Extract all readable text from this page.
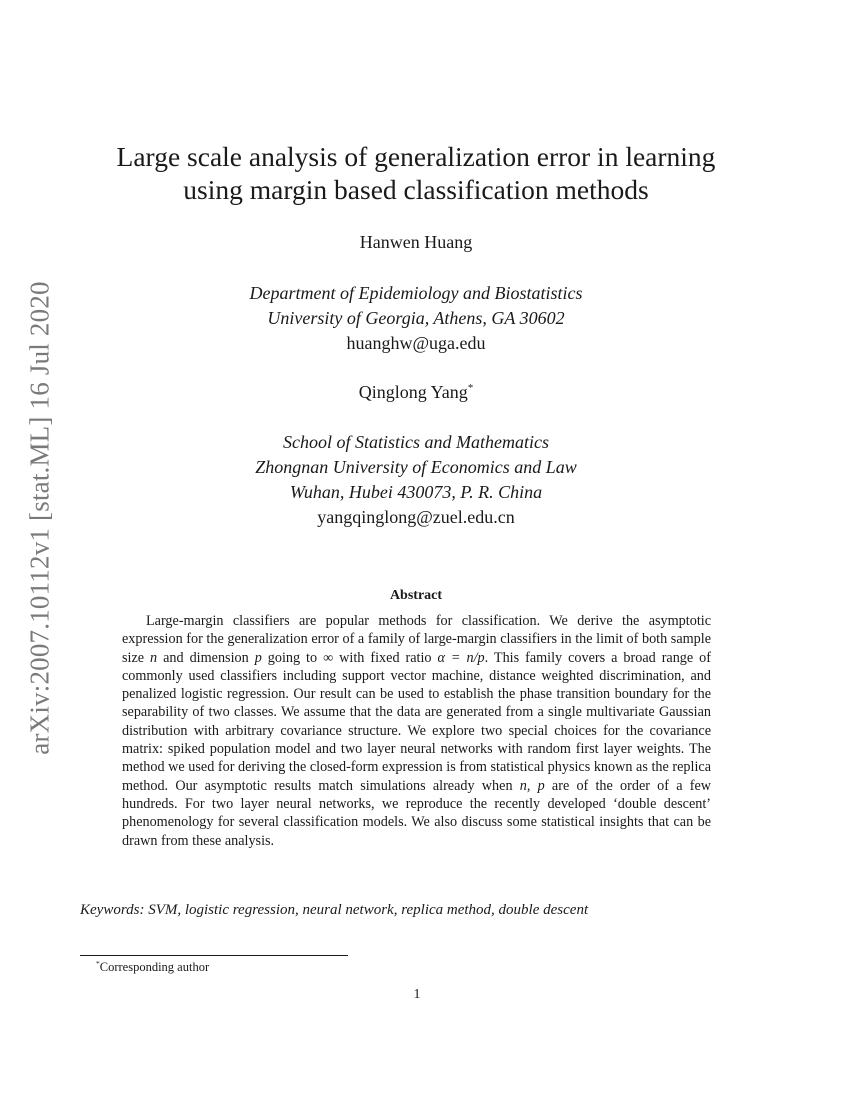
arXiv:2007.10112v1 [stat.ML] 16 Jul 2020
Large scale analysis of generalization error in learning
using margin based classification methods
Hanwen Huang
Department of Epidemiology and Biostatistics
University of Georgia, Athens, GA 30602
huanghw@uga.edu
Qinglong Yang*
School of Statistics and Mathematics
Zhongnan University of Economics and Law
Wuhan, Hubei 430073, P. R. China
yangqinglong@zuel.edu.cn
Abstract

Large-margin classifiers are popular methods for classification. We derive the asymptotic expression for the generalization error of a family of large-margin classifiers in the limit of both sample size n and dimension p going to ∞ with fixed ratio α = n/p. This family covers a broad range of commonly used classifiers including support vector machine, distance weighted discrimination, and penalized logistic regression. Our result can be used to establish the phase transition boundary for the separability of two classes. We assume that the data are generated from a single multivariate Gaussian distribution with arbitrary covariance structure. We explore two special choices for the covariance matrix: spiked population model and two layer neural networks with random first layer weights. The method we used for deriving the closed-form expression is from statistical physics known as the replica method. Our asymptotic results match simulations already when n, p are of the order of a few hundreds. For two layer neural networks, we reproduce the recently developed ‘double descent’ phenomenology for several classification models. We also discuss some statistical insights that can be drawn from these analysis.

Keywords: SVM, logistic regression, neural network, replica method, double descent
*Corresponding author
1
